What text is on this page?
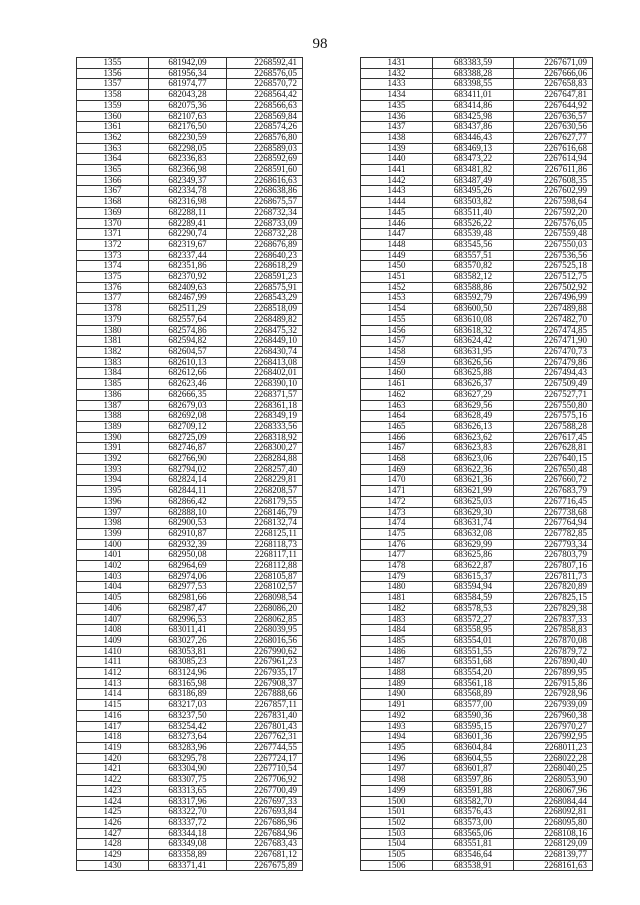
98
1355	681942,09	2268592,41
1356	681956,34	2268576,05
1357	681974,77	2268570,72
1358	682043,28	2268564,42
1359	682075,36	2268566,63
1360	682107,63	2268569,84
1361	682176,50	2268574,26
1362	682230,59	2268576,80
1363	682298,05	2268589,03
1364	682336,83	2268592,69
1365	682366,98	2268591,60
1366	682349,37	2268616,63
1367	682334,78	2268638,86
1368	682316,98	2268675,57
1369	682288,11	2268732,34
1370	682289,41	2268733,09
1371	682290,74	2268732,28
1372	682319,67	2268676,89
1373	682337,44	2268640,23
1374	682351,86	2268618,29
1375	682370,92	2268591,23
1376	682409,63	2268575,91
1377	682467,99	2268543,29
1378	682511,29	2268518,09
1379	682557,64	2268489,82
1380	682574,86	2268475,32
1381	682594,82	2268449,10
1382	682604,57	2268430,74
1383	682610,13	2268413,08
1384	682612,66	2268402,01
1385	682623,46	2268390,10
1386	682666,35	2268371,57
1387	682679,03	2268361,18
1388	682692,08	2268349,19
1389	682709,12	2268333,56
1390	682725,09	2268318,92
1391	682746,87	2268300,27
1392	682766,90	2268284,88
1393	682794,02	2268257,40
1394	682824,14	2268229,81
1395	682844,11	2268208,57
1396	682866,42	2268179,55
1397	682888,10	2268146,79
1398	682900,53	2268132,74
1399	682910,87	2268125,11
1400	682932,39	2268118,73
1401	682950,08	2268117,11
1402	682964,69	2268112,88
1403	682974,06	2268105,87
1404	682977,53	2268102,57
1405	682981,66	2268098,54
1406	682987,47	2268086,20
1407	682996,53	2268062,85
1408	683011,41	2268039,95
1409	683027,26	2268016,56
1410	683053,81	2267990,62
1411	683085,23	2267961,23
1412	683124,96	2267935,17
1413	683165,98	2267908,37
1414	683186,89	2267888,66
1415	683217,03	2267857,11
1416	683237,50	2267831,40
1417	683254,42	2267801,43
1418	683273,64	2267762,31
1419	683283,96	2267744,55
1420	683295,78	2267724,17
1421	683304,90	2267710,54
1422	683307,75	2267706,92
1423	683313,65	2267700,49
1424	683317,96	2267697,33
1425	683322,70	2267693,84
1426	683337,72	2267686,96
1427	683344,18	2267684,96
1428	683349,08	2267683,43
1429	683358,89	2267681,12
1430	683371,41	2267675,89
1431	683383,59	2267671,09
1432	683388,28	2267666,06
1433	683398,55	2267658,83
1434	683411,01	2267647,81
1435	683414,86	2267644,92
1436	683425,98	2267636,57
1437	683437,86	2267630,56
1438	683446,43	2267627,77
1439	683469,13	2267616,68
1440	683473,22	2267614,94
1441	683481,82	2267611,86
1442	683487,49	2267608,35
1443	683495,26	2267602,99
1444	683503,82	2267598,64
1445	683511,40	2267592,20
1446	683526,22	2267576,05
1447	683539,48	2267559,48
1448	683545,56	2267550,03
1449	683557,51	2267536,56
1450	683570,82	2267525,18
1451	683582,12	2267512,75
1452	683588,86	2267502,92
1453	683592,79	2267496,99
1454	683600,50	2267489,88
1455	683610,08	2267482,70
1456	683618,32	2267474,85
1457	683624,42	2267471,90
1458	683631,95	2267470,73
1459	683626,56	2267479,86
1460	683625,88	2267494,43
1461	683626,37	2267509,49
1462	683627,29	2267527,71
1463	683629,56	2267550,80
1464	683628,49	2267575,16
1465	683626,13	2267588,28
1466	683623,62	2267617,45
1467	683623,83	2267628,81
1468	683623,06	2267640,15
1469	683622,36	2267650,48
1470	683621,36	2267660,72
1471	683621,99	2267683,79
1472	683625,03	2267716,45
1473	683629,30	2267738,68
1474	683631,74	2267764,94
1475	683632,08	2267782,85
1476	683629,99	2267793,34
1477	683625,86	2267803,79
1478	683622,87	2267807,16
1479	683615,37	2267811,73
1480	683594,94	2267820,89
1481	683584,59	2267825,15
1482	683578,53	2267829,38
1483	683572,27	2267837,33
1484	683558,95	2267858,83
1485	683554,01	2267870,08
1486	683551,55	2267879,72
1487	683551,68	2267890,40
1488	683554,20	2267899,95
1489	683561,18	2267915,86
1490	683568,89	2267928,96
1491	683577,00	2267939,09
1492	683590,36	2267960,38
1493	683595,15	2267970,27
1494	683601,36	2267992,95
1495	683604,84	2268011,23
1496	683604,55	2268022,28
1497	683601,87	2268040,25
1498	683597,86	2268053,90
1499	683591,88	2268067,96
1500	683582,70	2268084,44
1501	683576,43	2268092,81
1502	683573,00	2268095,80
1503	683565,06	2268108,16
1504	683551,81	2268129,09
1505	683546,64	2268139,77
1506	683538,91	2268161,63
